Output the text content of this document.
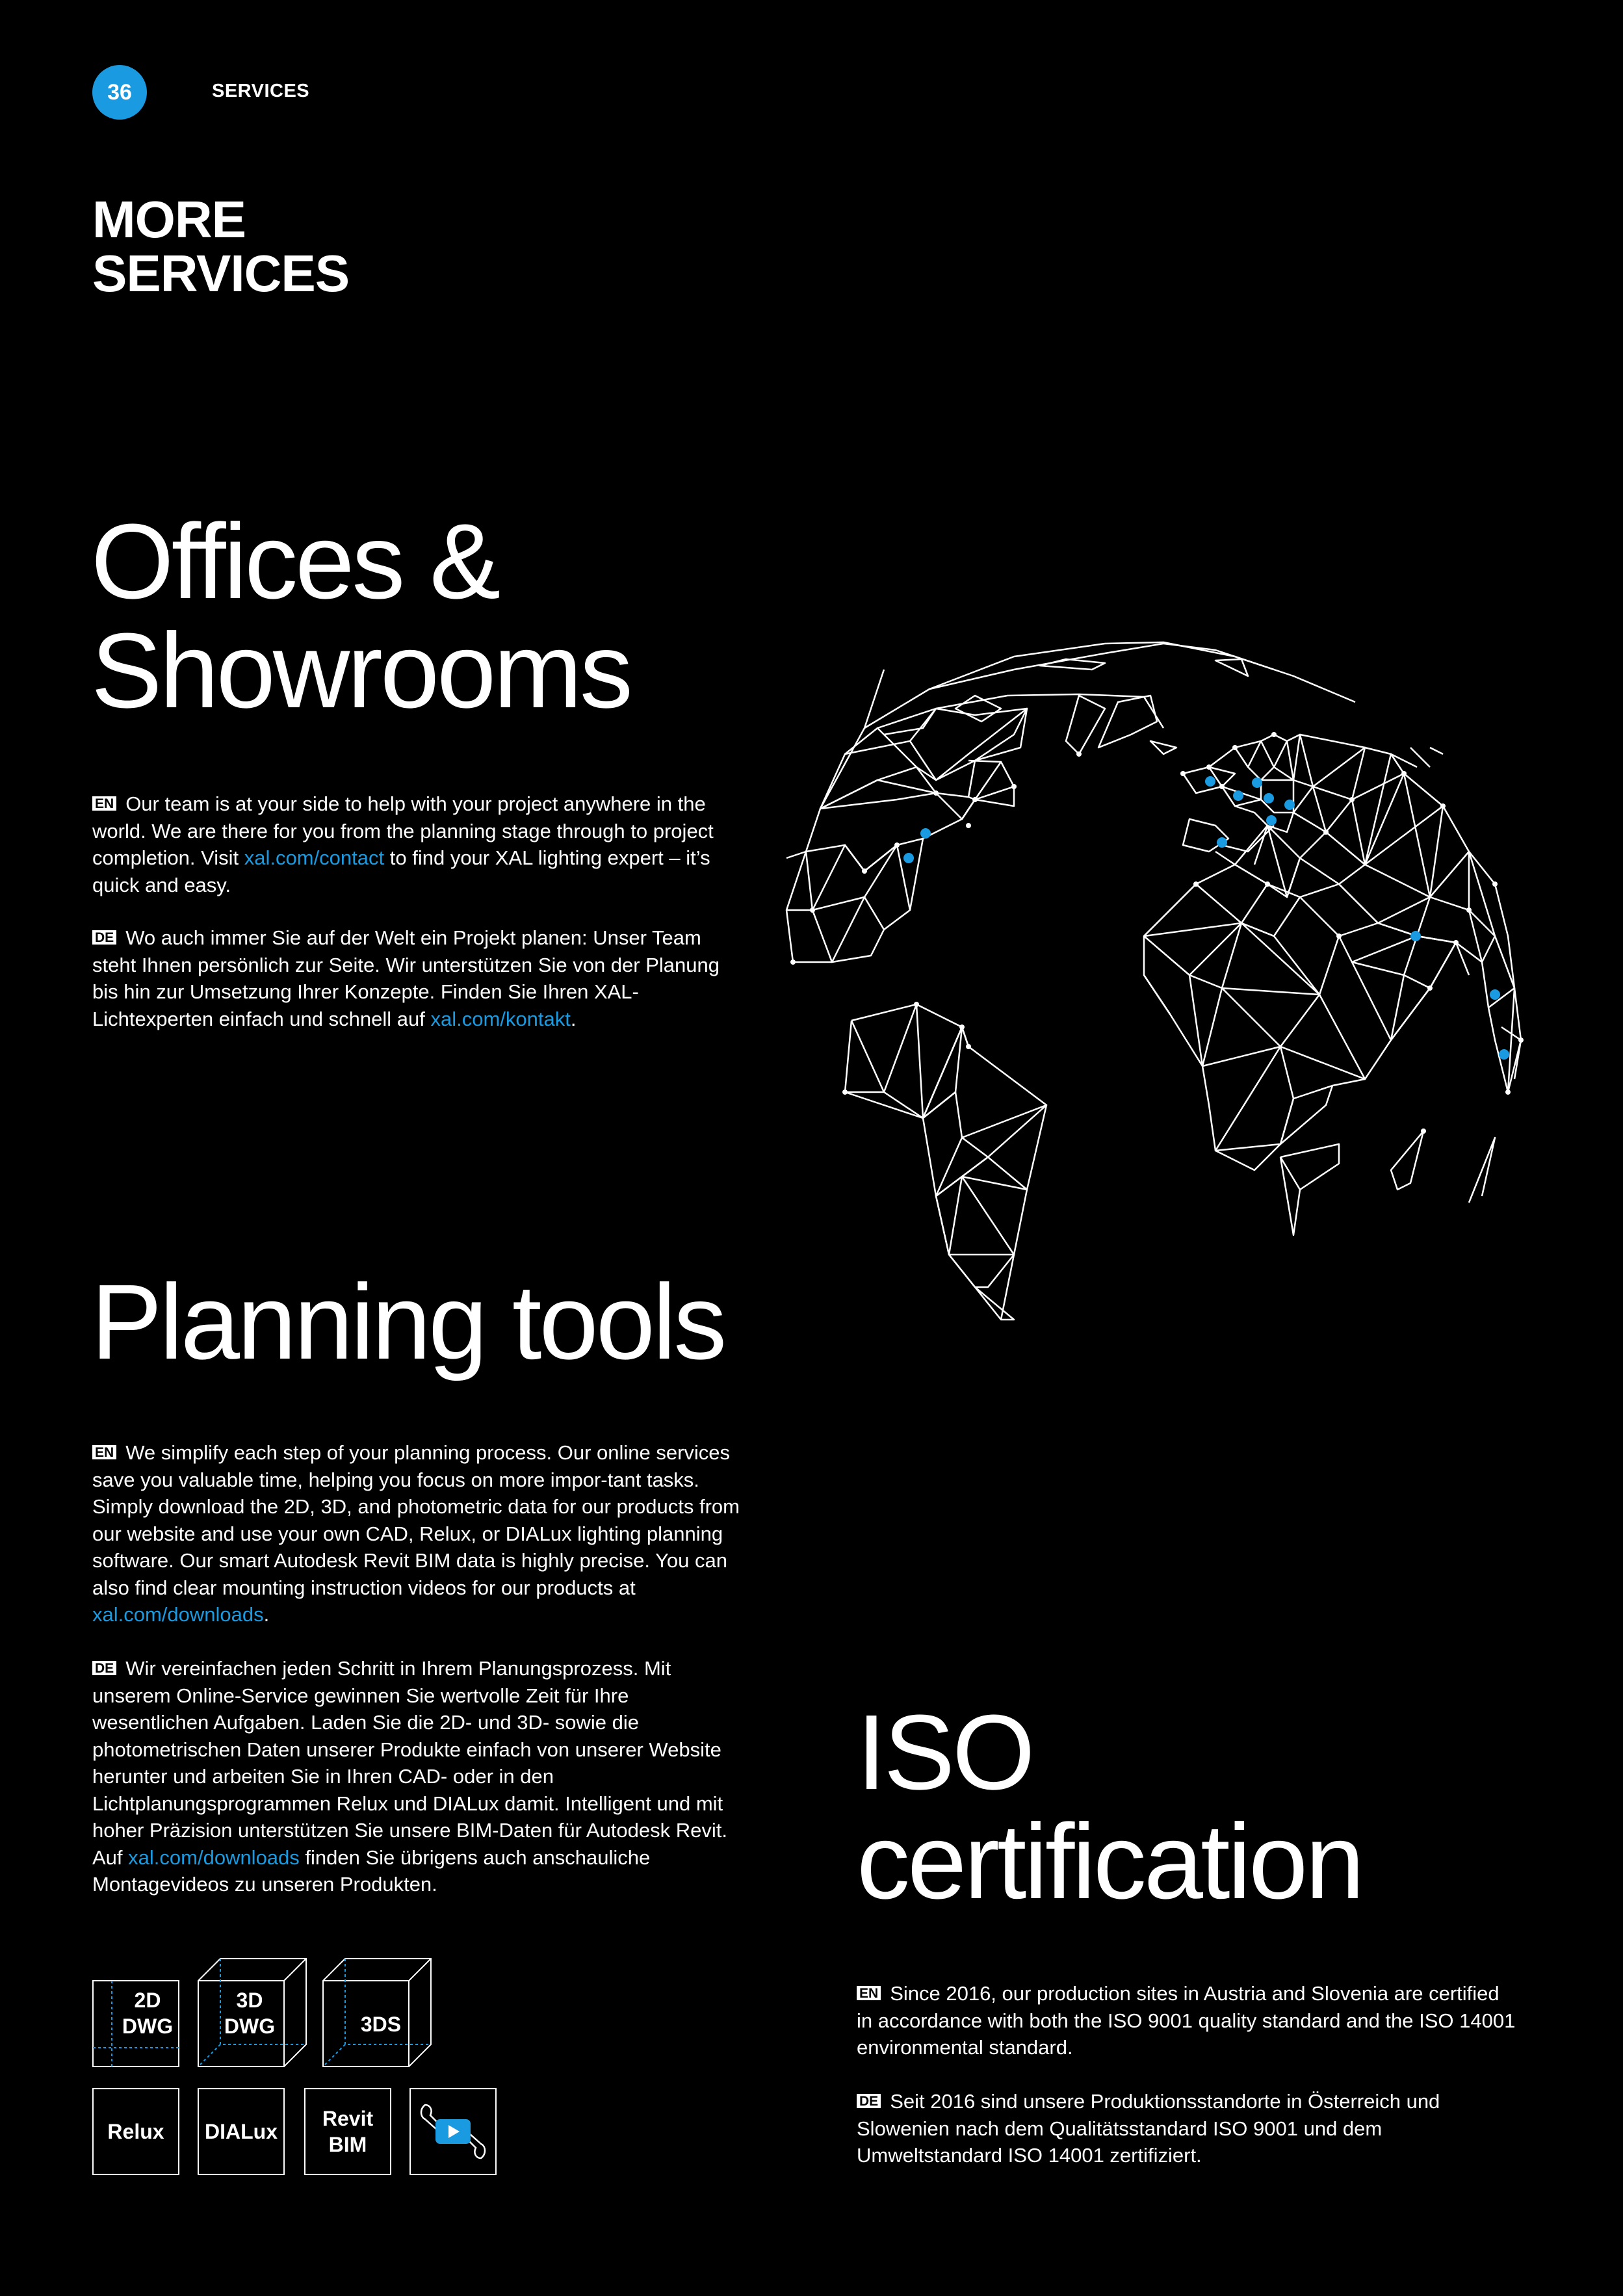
36	SERVICES
MORE
SERVICES
Offices &
Showrooms

EN Our team is at your side to help with your project anywhere in the world. We are there for you from the planning stage through to project completion. Visit xal.com/contact to find your XAL lighting expert – it’s quick and easy.

DE Wo auch immer Sie auf der Welt ein Projekt planen: Unser Team steht Ihnen persönlich zur Seite. Wir unterstützen Sie von der Planung bis hin zur Umsetzung Ihrer Konzepte. Finden Sie Ihren XAL-Lichtexperten einfach und schnell auf xal.com/kontakt.

Planning tools

EN We simplify each step of your planning process. Our online services save you valuable time, helping you focus on more impor-tant tasks. Simply download the 2D, 3D, and photometric data for our products from our website and use your own CAD, Relux, or DIALux lighting planning software. Our smart Autodesk Revit BIM data is highly precise. You can also find clear mounting instruction videos for our products at xal.com/downloads.

DE Wir vereinfachen jeden Schritt in Ihrem Planungsprozess. Mit unserem Online-Service gewinnen Sie wertvolle Zeit für Ihre wesentlichen Aufgaben. Laden Sie die 2D- und 3D- sowie die photometrischen Daten unserer Produkte einfach von unserer Website herunter und arbeiten Sie in Ihren CAD- oder in den Lichtplanungsprogrammen Relux und DIALux damit. Intelligent und mit hoher Präzision unterstützen Sie unsere BIM-Daten für Autodesk Revit. Auf xal.com/downloads finden Sie übrigens auch anschauliche Montagevideos zu unseren Produkten.

2D
DWG
3D
DWG	3DS
Relux DIALux
Revit
BIM
ISO
certification

EN Since 2016, our production sites in Austria and Slovenia are certified in accordance with both the ISO 9001 quality standard and the ISO 14001 environmental standard.

DE Seit 2016 sind unsere Produktionsstandorte in Österreich und Slowenien nach dem Qualitätsstandard ISO 9001 und dem Umweltstandard ISO 14001 zertifiziert.
